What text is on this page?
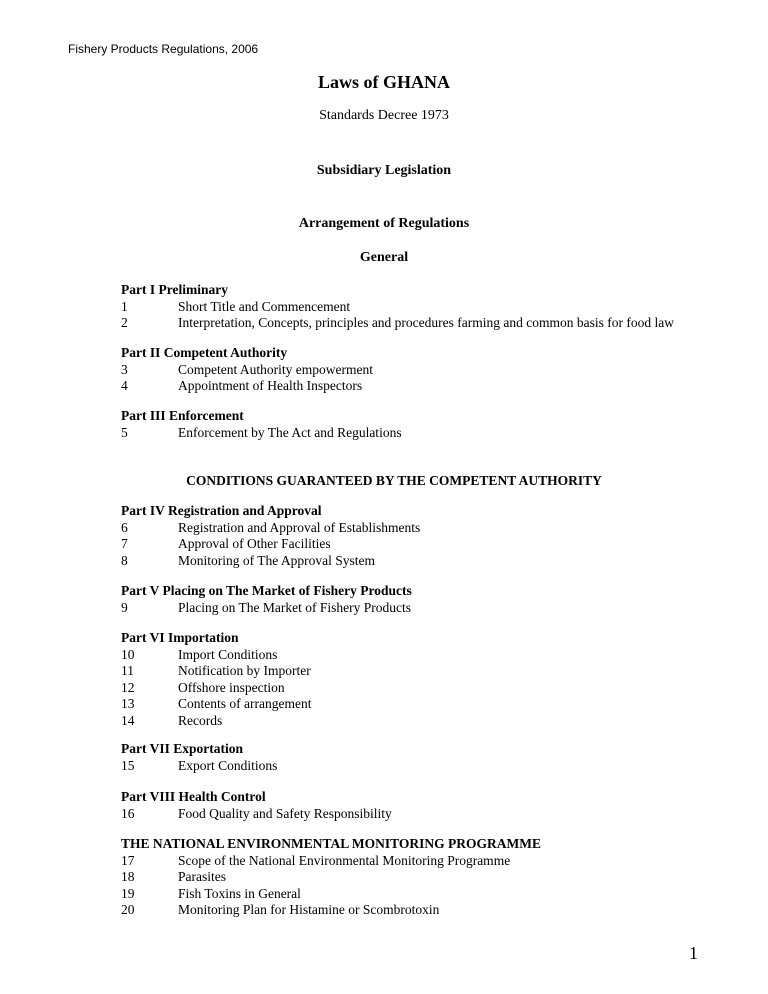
Fishery Products Regulations, 2006
Laws of GHANA
Standards Decree 1973
Subsidiary Legislation
Arrangement of Regulations
General
Part I Preliminary
1	Short Title and Commencement
2	Interpretation, Concepts, principles and procedures farming and common basis for food law
Part II Competent Authority
3	Competent Authority empowerment
4	Appointment of Health Inspectors
Part III Enforcement
5	Enforcement by The Act and Regulations
CONDITIONS GUARANTEED BY THE COMPETENT AUTHORITY
Part IV Registration and Approval
6	Registration and Approval of Establishments
7	Approval of Other Facilities
8	Monitoring of The Approval System
Part V Placing on The Market of Fishery Products
9	Placing on The Market of Fishery Products
Part VI Importation
10	Import Conditions
11	Notification by Importer
12	Offshore inspection
13	Contents of arrangement
14	Records
Part VII Exportation
15	Export Conditions
Part VIII Health Control
16	Food Quality and Safety Responsibility
THE NATIONAL ENVIRONMENTAL MONITORING PROGRAMME
17	Scope of the National Environmental Monitoring Programme
18	Parasites
19	Fish Toxins in General
20	Monitoring Plan for Histamine or Scombrotoxin
1
